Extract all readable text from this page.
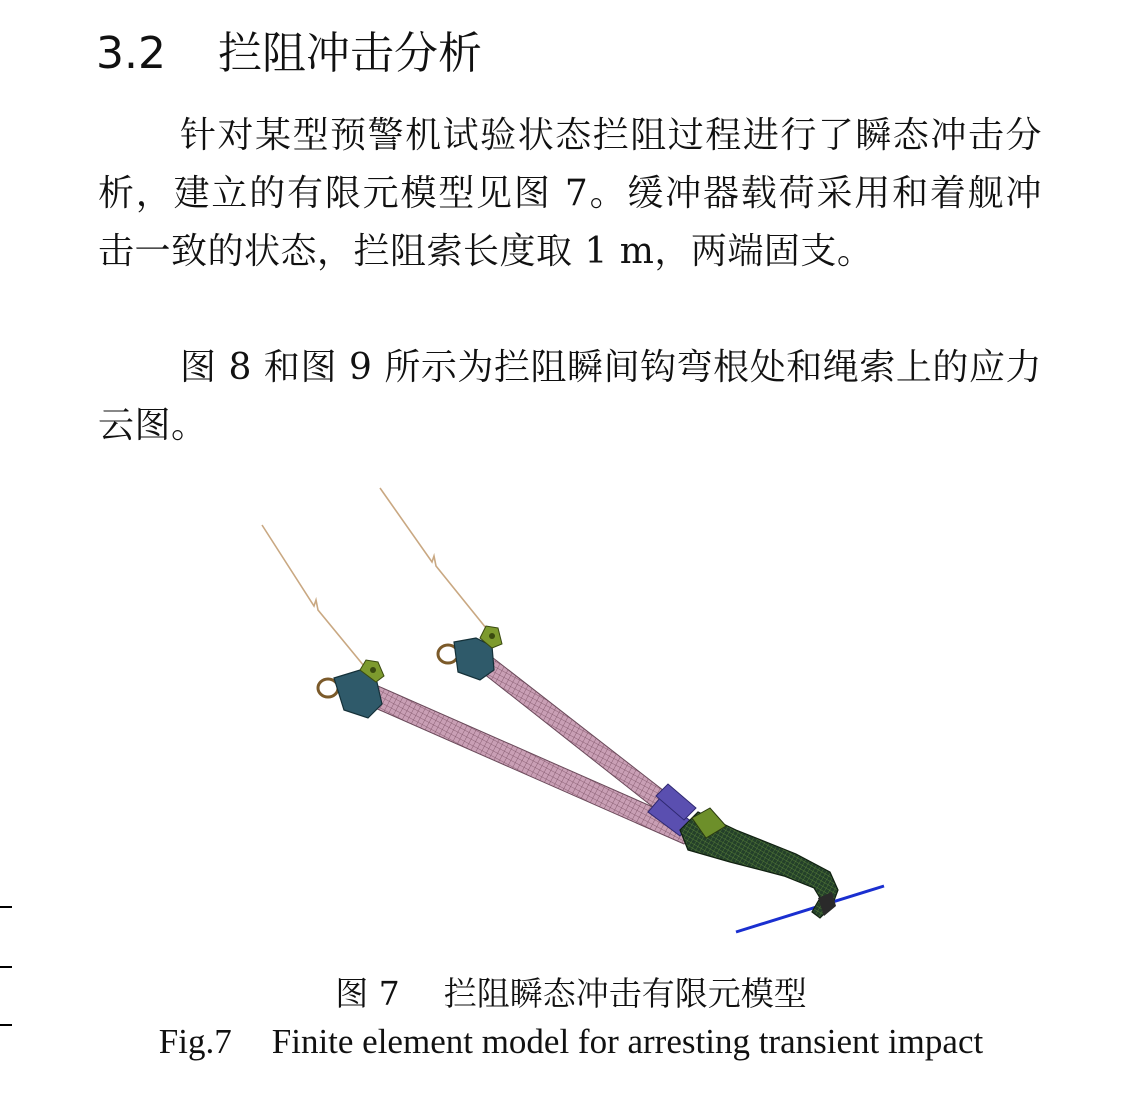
3.2 拦阻冲击分析

针对某型预警机试验状态拦阻过程进行了瞬态冲击分析，建立的有限元模型见图 7。缓冲器载荷采用和着舰冲击一致的状态，拦阻索长度取 1 m，两端固支。

图 8 和图 9 所示为拦阻瞬间钩弯根处和绳索上的应力云图。

图 7 拦阻瞬态冲击有限元模型

Fig.7 Finite element model for arresting transient impact
